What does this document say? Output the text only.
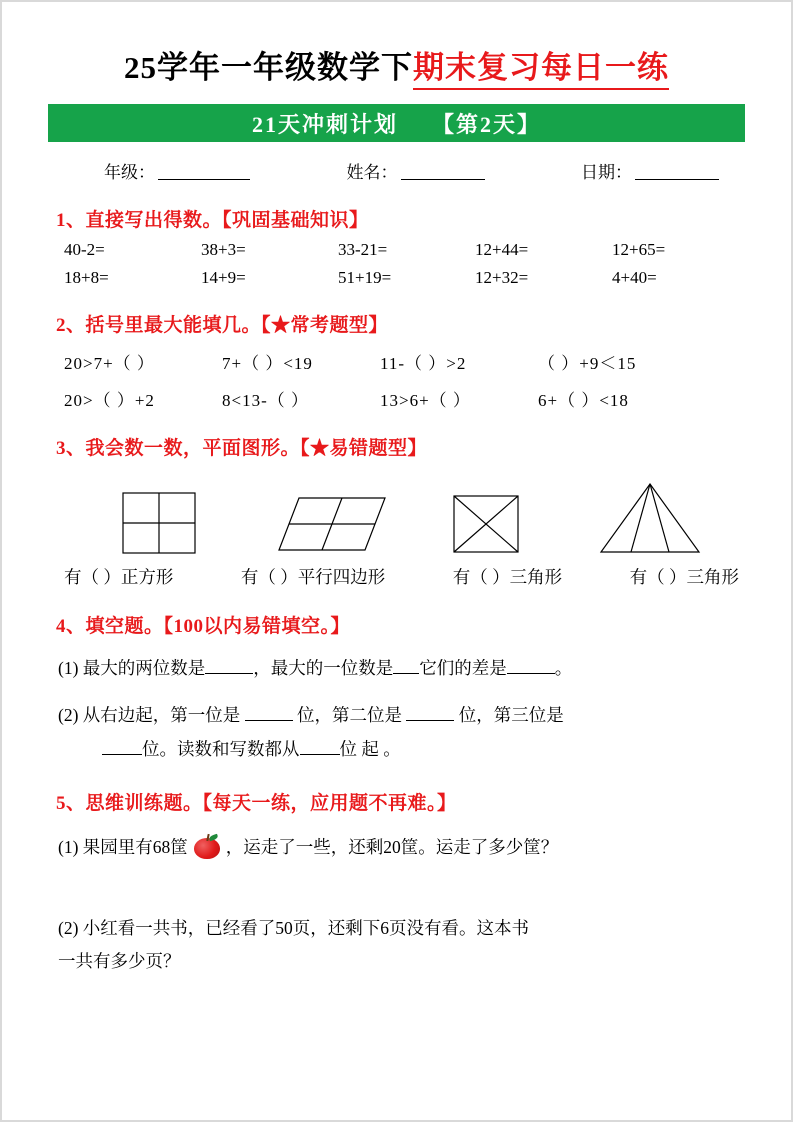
25学年一年级数学下 期末复习每日一练
21天冲刺计划 【第2天】
年级：	姓名：	日期：
1、直接写出得数。【巩固基础知识】
40-2=	38+3=	33-21=	12+44=	12+65=
18+8=	14+9=	51+19=	12+32=	4+40=
2、括号里最大能填几。【★常考题型】
20>7+（ ）	7+（ ）<19	11-（ ）>2	（ ）+9＜15
20>（ ）+2	8<13-（ ）	13>6+（ ）	6+（ ）<18
3、我会数一数，平面图形。【★易错题型】
有（ ）正方形	有（ ）平行四边形	有（ ）三角形	有（ ）三角形
4、填空题。【100以内易错填空。】
(1) 最大的两位数是	，最大的一位数是 它们的差是	。
(2) 从右边起，第一位是	位，第二位是	位，第三位是
位。读数和写数都从 位 起 。
5、思维训练题。【每天一练，应用题不再难。】
(1) 果园里有68筐 ，运走了一些，还剩20筐。运走了多少筐？
(2) 小红看一共书，已经看了50页，还剩下6页没有看。这本书
一共有多少页？
